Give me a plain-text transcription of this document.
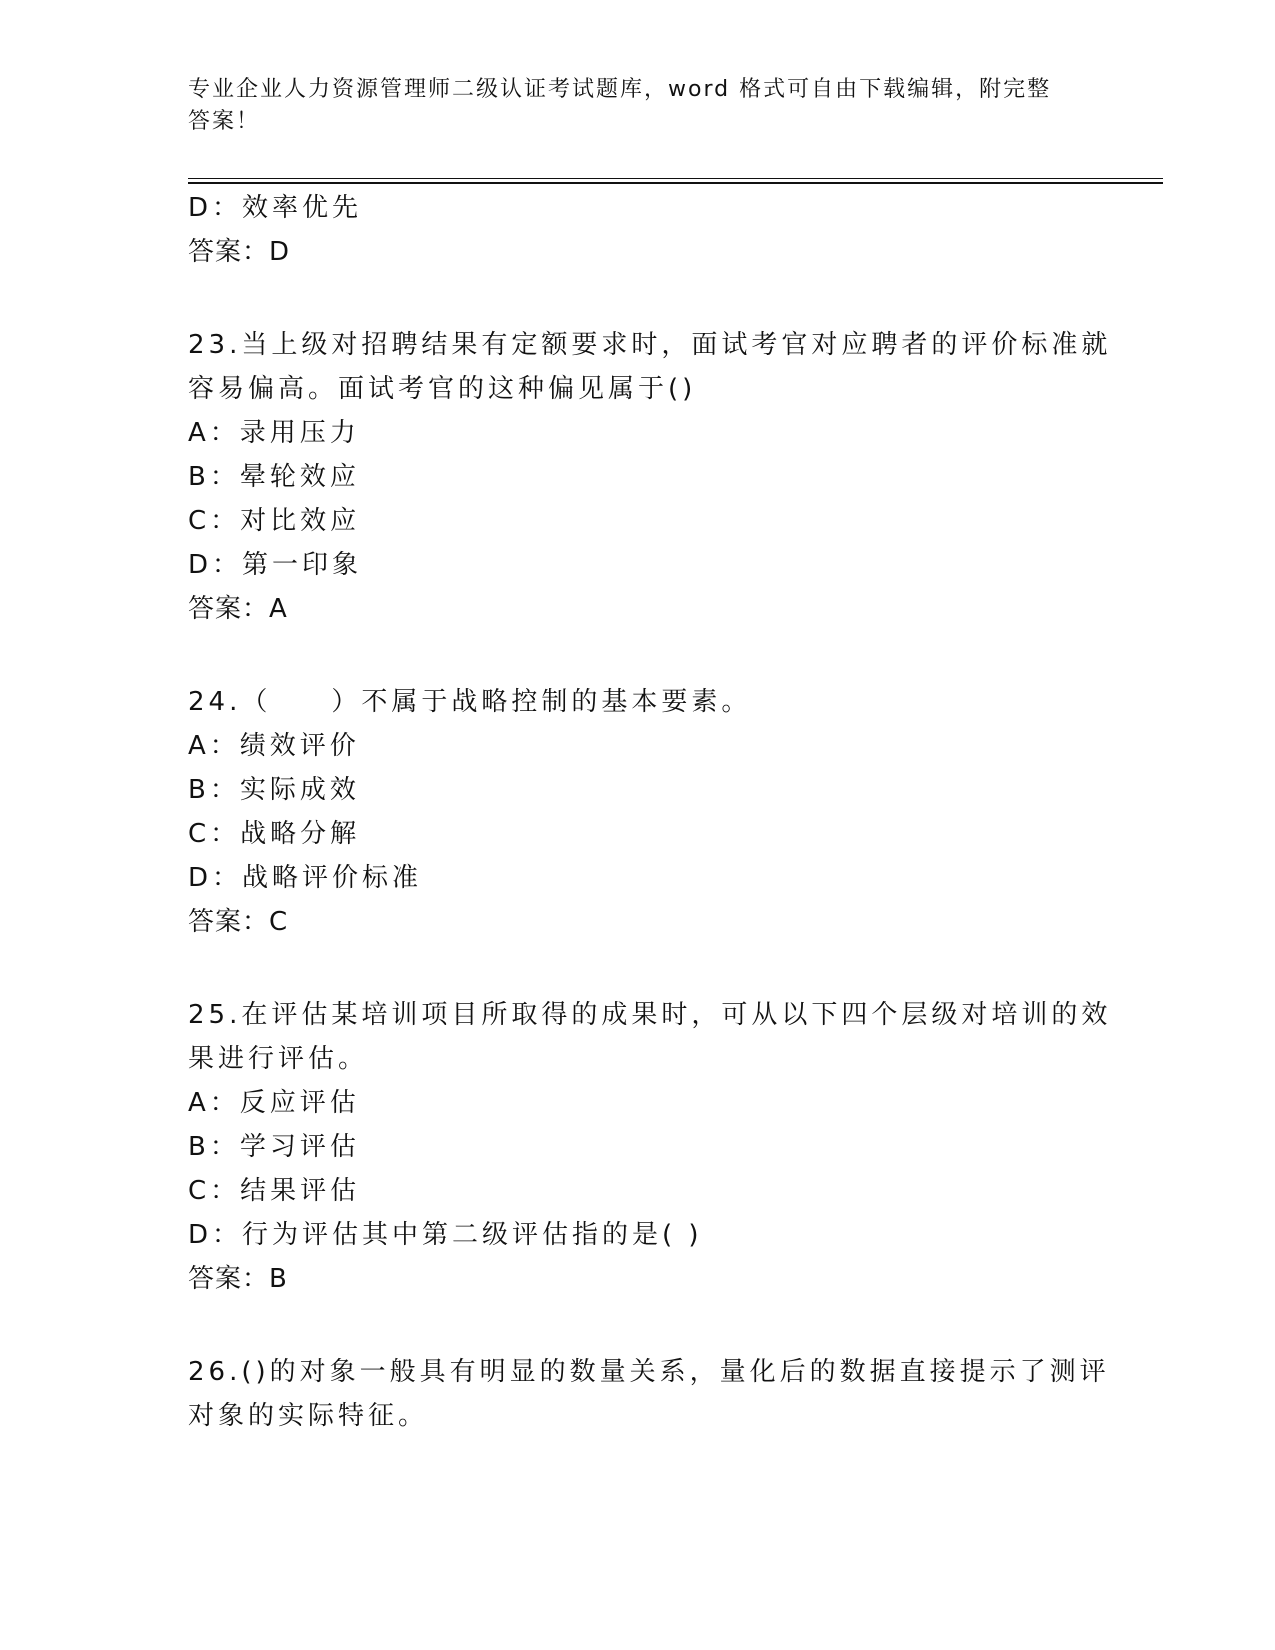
专业企业人力资源管理师二级认证考试题库，word 格式可自由下载编辑，附完整
答案！
D：效率优先
答案：D
23.当上级对招聘结果有定额要求时，面试考官对应聘者的评价标准就
容易偏高。面试考官的这种偏见属于()
A：录用压力
B：晕轮效应
C：对比效应
D：第一印象
答案：A
24.（　　）不属于战略控制的基本要素。
A：绩效评价
B：实际成效
C：战略分解
D：战略评价标准
答案：C
25.在评估某培训项目所取得的成果时，可从以下四个层级对培训的效
果进行评估。
A：反应评估
B：学习评估
C：结果评估
D：行为评估其中第二级评估指的是( )
答案：B
26.()的对象一般具有明显的数量关系，量化后的数据直接提示了测评
对象的实际特征。
